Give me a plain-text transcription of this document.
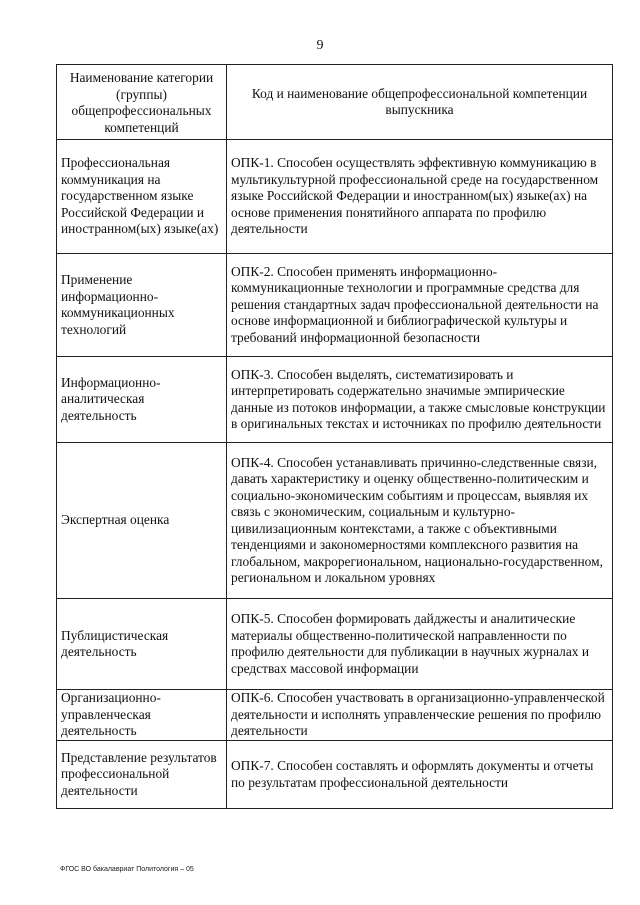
9
Наименование категории (группы) общепрофессиональных компетенций	Код и наименование общепрофессиональной компетенции выпускника
Профессиональная коммуникация на государственном языке Российской Федерации и иностранном(ых) языке(ах)	ОПК-1. Способен осуществлять эффективную коммуникацию в мультикультурной профессиональной среде на государственном языке Российской Федерации и иностранном(ых) языке(ах) на основе применения понятийного аппарата по профилю деятельности
Применение информационно-коммуникационных технологий	ОПК-2. Способен применять информационно-коммуникационные технологии и программные средства для решения стандартных задач профессиональной деятельности на основе информационной и библиографической культуры и требований информационной безопасности
Информационно-аналитическая деятельность	ОПК-3. Способен выделять, систематизировать и интерпретировать содержательно значимые эмпирические данные из потоков информации, а также смысловые конструкции в оригинальных текстах и источниках по профилю деятельности
Экспертная оценка	ОПК-4. Способен устанавливать причинно-следственные связи, давать характеристику и оценку общественно-политическим и социально-экономическим событиям и процессам, выявляя их связь с экономическим, социальным и культурно-цивилизационным контекстами, а также с объективными тенденциями и закономерностями комплексного развития на глобальном, макрорегиональном, национально-государственном, региональном и локальном уровнях
Публицистическая деятельность	ОПК-5. Способен формировать дайджесты и аналитические материалы общественно-политической направленности по профилю деятельности для публикации в научных журналах и средствах массовой информации
Организационно-управленческая деятельность	ОПК-6. Способен участвовать в организационно-управленческой деятельности и исполнять управленческие решения по профилю деятельности
Представление результатов профессиональной деятельности	ОПК-7. Способен составлять и оформлять документы и отчеты по результатам профессиональной деятельности
ФГОС ВО бакалавриат Политология – 05
